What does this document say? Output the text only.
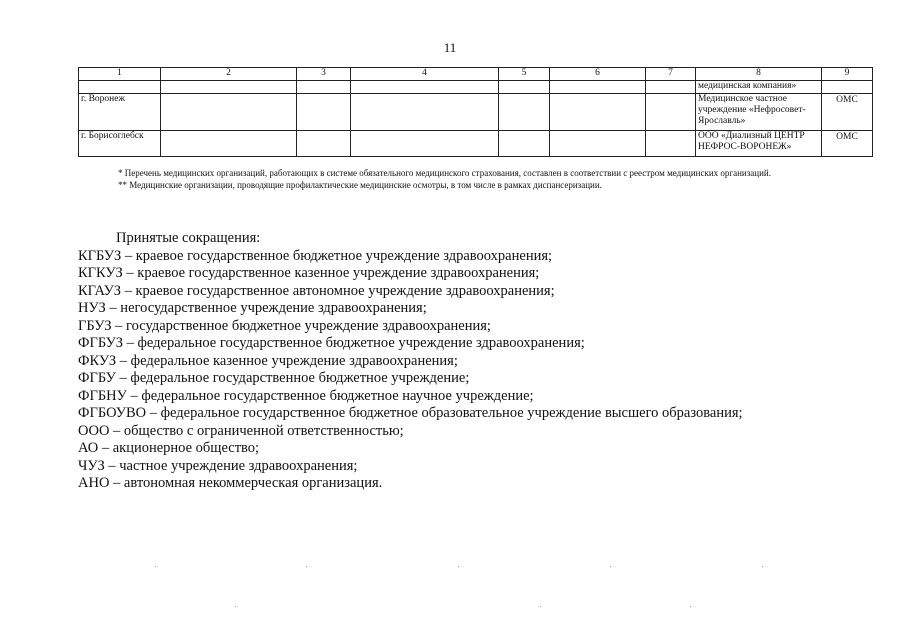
11
1	2	3	4	5	6	7	8	9
							медицинская компания»	
г. Воронеж							Медицинское частное учреждение «Нефросовет-Ярославль»	ОМС
г. Борисоглебск							ООО «Диализный ЦЕНТР НЕФРОС-ВОРОНЕЖ»	ОМС

* Перечень медицинских организаций, работающих в системе обязательного медицинского страхования, составлен в соответствии с реестром медицинских организаций.

** Медицинские организации, проводящие профилактические медицинские осмотры, в том числе в рамках диспансеризации.

Принятые сокращения:

КГБУЗ – краевое государственное бюджетное учреждение здравоохранения;
КГКУЗ – краевое государственное казенное учреждение здравоохранения;
КГАУЗ – краевое государственное автономное учреждение здравоохранения;
НУЗ – негосударственное учреждение здравоохранения;
ГБУЗ – государственное бюджетное учреждение здравоохранения;
ФГБУЗ – федеральное государственное бюджетное учреждение здравоохранения;
ФКУЗ – федеральное казенное учреждение здравоохранения;
ФГБУ – федеральное государственное бюджетное учреждение;
ФГБНУ – федеральное государственное бюджетное научное учреждение;
ФГБОУВО – федеральное государственное бюджетное образовательное учреждение высшего образования;
ООО – общество с ограниченной ответственностью;
АО – акционерное общество;
ЧУЗ – частное учреждение здравоохранения;
АНО – автономная некоммерческая организация.
